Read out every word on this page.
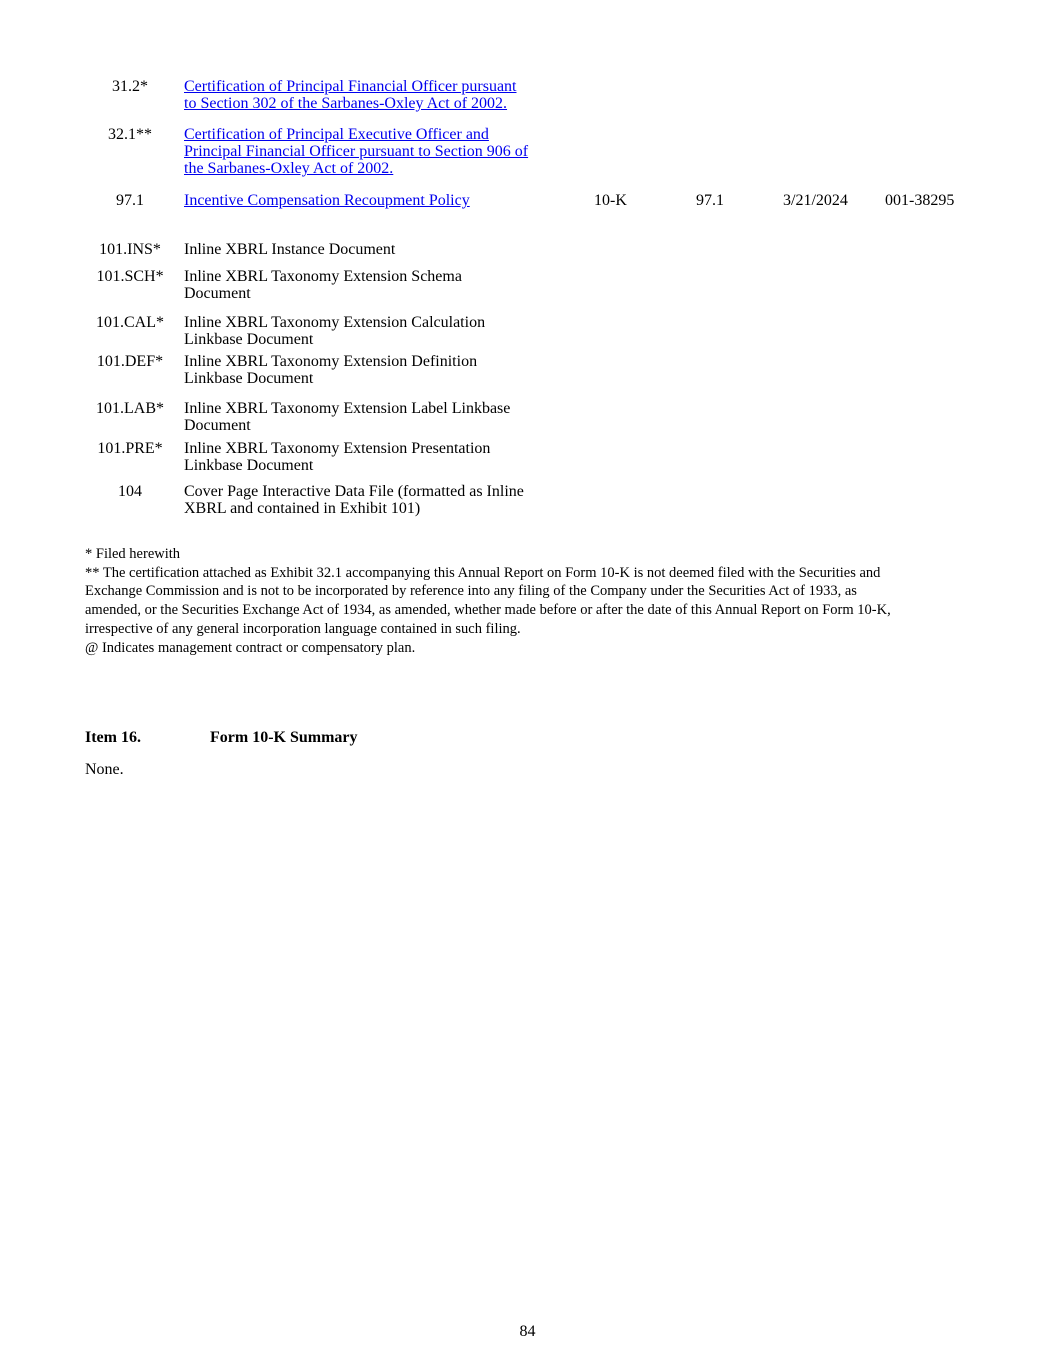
31.2*	Certification of Principal Financial Officer pursuant
to Section 302 of the Sarbanes-Oxley Act of 2002.
32.1**	Certification of Principal Executive Officer and
Principal Financial Officer pursuant to Section 906 of
the Sarbanes-Oxley Act of 2002.
97.1	Incentive Compensation Recoupment Policy	10-K	97.1	3/21/2024 001-38295
101.INS*	Inline XBRL Instance Document
101.SCH*	Inline XBRL Taxonomy Extension Schema
Document
101.CAL*	Inline XBRL Taxonomy Extension Calculation
Linkbase Document
101.DEF*	Inline XBRL Taxonomy Extension Definition
Linkbase Document
101.LAB*	Inline XBRL Taxonomy Extension Label Linkbase
Document
101.PRE*	Inline XBRL Taxonomy Extension Presentation
Linkbase Document
104	Cover Page Interactive Data File (formatted as Inline
XBRL and contained in Exhibit 101)
* Filed herewith
** The certification attached as Exhibit 32.1 accompanying this Annual Report on Form 10-K is not deemed filed with the Securities and
Exchange Commission and is not to be incorporated by reference into any filing of the Company under the Securities Act of 1933, as
amended, or the Securities Exchange Act of 1934, as amended, whether made before or after the date of this Annual Report on Form 10-K,
irrespective of any general incorporation language contained in such filing.
@ Indicates management contract or compensatory plan.
Item 16.	Form 10-K Summary
None.
84
